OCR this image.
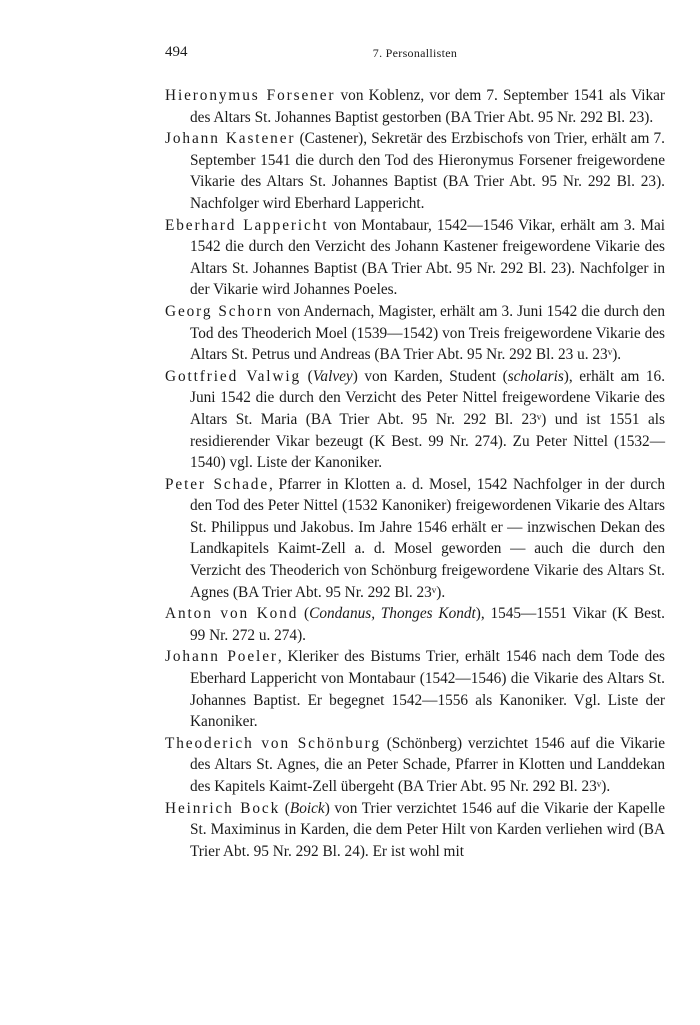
494	7. Personallisten

Hieronymus Forsener von Koblenz, vor dem 7. September 1541 als Vikar des Altars St. Johannes Baptist gestorben (BA Trier Abt. 95 Nr. 292 Bl. 23).

Johann Kastener (Castener), Sekretär des Erzbischofs von Trier, erhält am 7. September 1541 die durch den Tod des Hieronymus Forsener freigewordene Vikarie des Altars St. Johannes Baptist (BA Trier Abt. 95 Nr. 292 Bl. 23). Nachfolger wird Eberhard Lappericht.

Eberhard Lappericht von Montabaur, 1542—1546 Vikar, erhält am 3. Mai 1542 die durch den Verzicht des Johann Kastener freigewordene Vikarie des Altars St. Johannes Baptist (BA Trier Abt. 95 Nr. 292 Bl. 23). Nachfolger in der Vikarie wird Johannes Poeles.

Georg Schorn von Andernach, Magister, erhält am 3. Juni 1542 die durch den Tod des Theoderich Moel (1539—1542) von Treis freigewordene Vikarie des Altars St. Petrus und Andreas (BA Trier Abt. 95 Nr. 292 Bl. 23 u. 23ᵛ).

Gottfried Valwig (Valvey) von Karden, Student (scholaris), erhält am 16. Juni 1542 die durch den Verzicht des Peter Nittel freigewordene Vikarie des Altars St. Maria (BA Trier Abt. 95 Nr. 292 Bl. 23ᵛ) und ist 1551 als residierender Vikar bezeugt (K Best. 99 Nr. 274). Zu Peter Nittel (1532—1540) vgl. Liste der Kanoniker.

Peter Schade, Pfarrer in Klotten a. d. Mosel, 1542 Nachfolger in der durch den Tod des Peter Nittel (1532 Kanoniker) freigewordenen Vikarie des Altars St. Philippus und Jakobus. Im Jahre 1546 erhält er — inzwischen Dekan des Landkapitels Kaimt-Zell a. d. Mosel geworden — auch die durch den Verzicht des Theoderich von Schönburg freigewordene Vikarie des Altars St. Agnes (BA Trier Abt. 95 Nr. 292 Bl. 23ᵛ).

Anton von Kond (Condanus, Thonges Kondt), 1545—1551 Vikar (K Best. 99 Nr. 272 u. 274).

Johann Poeler, Kleriker des Bistums Trier, erhält 1546 nach dem Tode des Eberhard Lappericht von Montabaur (1542—1546) die Vikarie des Altars St. Johannes Baptist. Er begegnet 1542—1556 als Kanoniker. Vgl. Liste der Kanoniker.

Theoderich von Schönburg (Schönberg) verzichtet 1546 auf die Vikarie des Altars St. Agnes, die an Peter Schade, Pfarrer in Klotten und Landdekan des Kapitels Kaimt-Zell übergeht (BA Trier Abt. 95 Nr. 292 Bl. 23ᵛ).

Heinrich Bock (Boick) von Trier verzichtet 1546 auf die Vikarie der Kapelle St. Maximinus in Karden, die dem Peter Hilt von Karden verliehen wird (BA Trier Abt. 95 Nr. 292 Bl. 24). Er ist wohl mit
